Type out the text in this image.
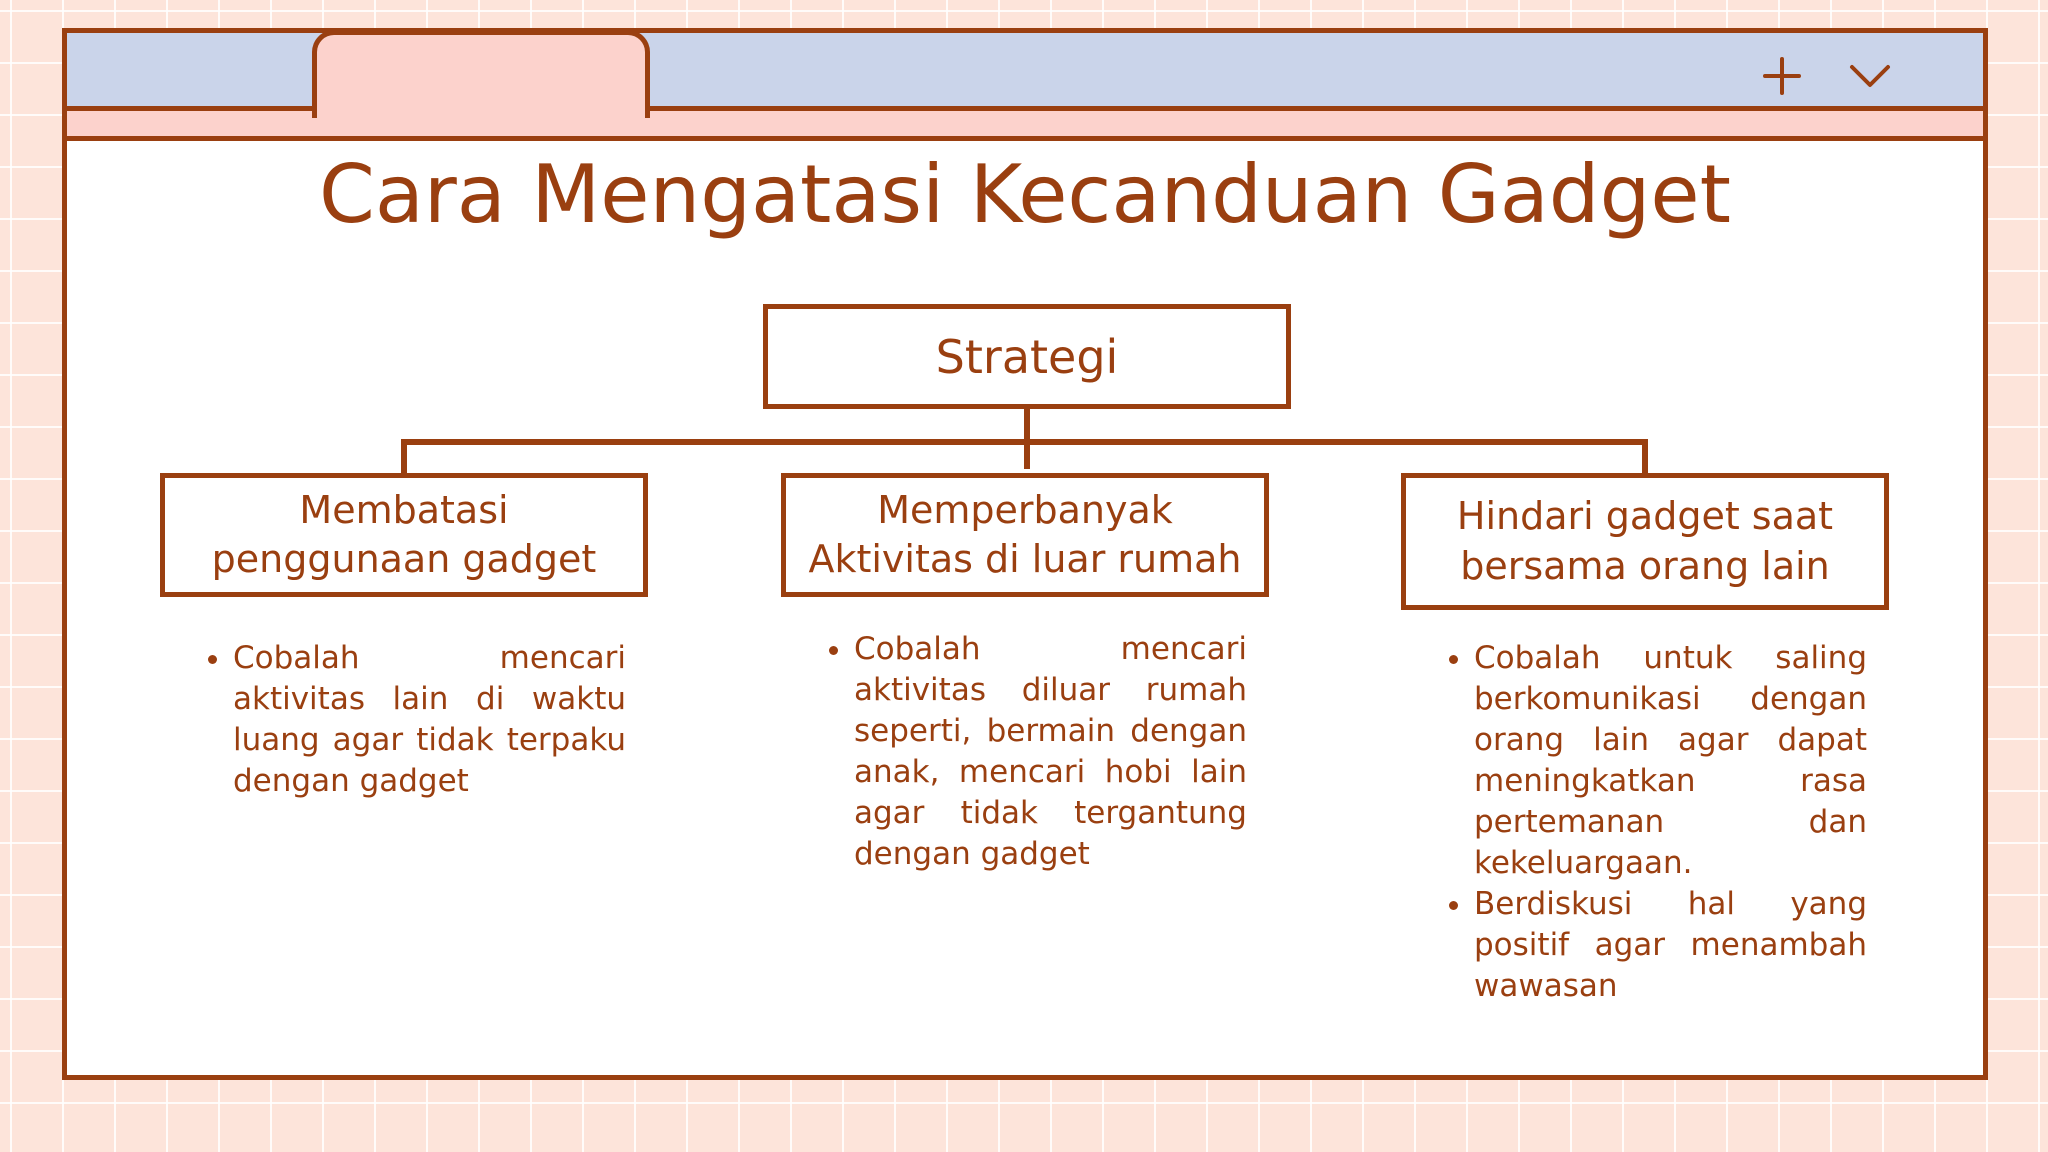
Cara Mengatasi Kecanduan Gadget
Strategi
Membatasi penggunaan gadget
Memperbanyak Aktivitas di luar rumah
Hindari gadget saat bersama orang lain
• Cobalah mencari aktivitas lain di waktu luang agar tidak terpaku dengan gadget
• Cobalah mencari aktivitas diluar rumah seperti, bermain dengan anak, mencari hobi lain agar tidak tergantung dengan gadget
• Cobalah untuk saling berkomunikasi dengan orang lain agar dapat meningkatkan rasa pertemanan dan kekeluargaan.
• Berdiskusi hal yang positif agar menambah wawasan
